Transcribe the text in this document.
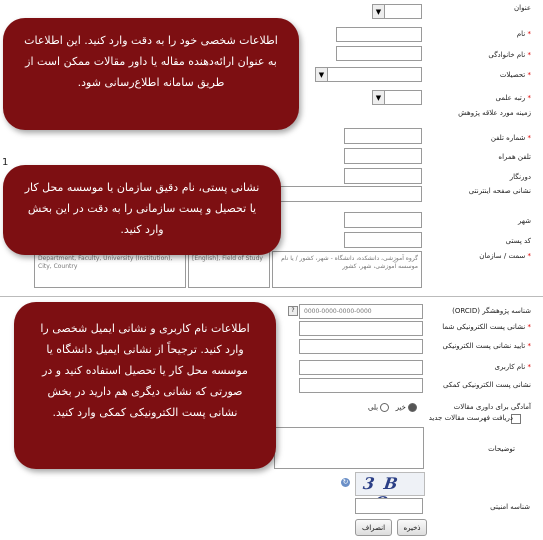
▼	عنوان
* نام
* نام خانوادگی
▼	* تحصیلات
▼	* رتبه علمی
زمینه مورد علاقه پژوهش
1
* شماره تلفن
تلفن همراه
دورنگار
نشانی صفحه اینترنتی
شهر
کد پستی
* سمت / سازمان
گروه آموزشی، دانشکده، دانشگاه - شهر، کشور / یا نام موسسه آموزشی، شهر، کشور
[English], Field of Study
Department, Faculty, University (Institution), City, Country
شناسه پژوهشگر (ORCID)
0000-0000-0000-0000
?
* نشانی پست الکترونیکی شما
* تایید نشانی پست الکترونیکی
* نام کاربری
نشانی پست الکترونیکی کمکی
آمادگی برای داوری مقالات
خیر  بلی
دریافت فهرست مقالات جدید
توضیحات
3 B
↻
شناسه امنیتی
ذخیره
انصراف
اطلاعات شخصی خود را به دقت وارد کنید. این اطلاعات به عنوان ارائه‌دهنده مقاله یا داور مقالات ممکن است از طریق سامانه اطلاع‌رسانی شود.
نشانی پستی، نام دقیق سازمان یا موسسه محل کار یا تحصیل و پست سازمانی را به دقت در این بخش وارد کنید.
اطلاعات نام کاربری و نشانی ایمیل شخصی را وارد کنید. ترجیحاً از نشانی ایمیل دانشگاه یا موسسه محل کار یا تحصیل استفاده کنید و در صورتی که نشانی دیگری هم دارید در بخش نشانی پست الکترونیکی کمکی وارد کنید.
